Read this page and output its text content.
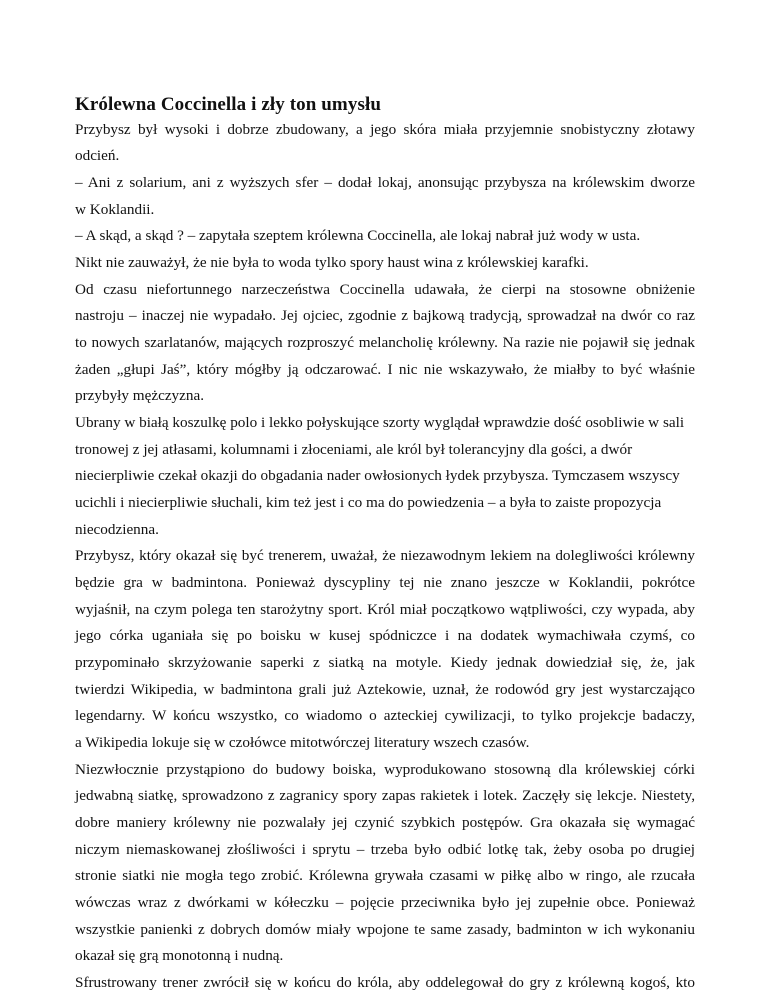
Królewna Coccinella i zły ton umysłu
Przybysz był wysoki i dobrze zbudowany, a jego skóra miała przyjemnie snobistyczny złotawy
odcień.
– Ani z solarium, ani z wyższych sfer – dodał lokaj, anonsując przybysza na królewskim dworze
w Koklandii.
– A skąd, a skąd ? – zapytała szeptem królewna Coccinella, ale lokaj nabrał już wody w usta.
Nikt nie zauważył, że nie była to woda tylko spory haust wina z królewskiej karafki.
Od czasu niefortunnego narzeczeństwa Coccinella udawała, że cierpi na stosowne obniżenie
nastroju – inaczej nie wypadało. Jej ojciec, zgodnie z bajkową tradycją, sprowadzał na dwór co raz
to nowych szarlatanów, mających rozproszyć melancholię królewny. Na razie nie pojawił się jednak
żaden „głupi Jaś”, który mógłby ją odczarować. I nic nie wskazywało, że miałby to być właśnie
przybyły mężczyzna.
Ubrany w białą koszulkę polo i lekko połyskujące szorty wyglądał wprawdzie dość osobliwie w sali
tronowej z jej atłasami, kolumnami i złoceniami, ale król był tolerancyjny dla gości, a dwór
niecierpliwie czekał okazji do obgadania nader owłosionych łydek przybysza. Tymczasem wszyscy
ucichli i niecierpliwie słuchali, kim też jest i co ma do powiedzenia – a była to zaiste propozycja
niecodzienna.
Przybysz, który okazał się być trenerem, uważał, że niezawodnym lekiem na dolegliwości królewny
będzie gra w badmintona. Ponieważ dyscypliny tej nie znano jeszcze w Koklandii, pokrótce
wyjaśnił, na czym polega ten starożytny sport. Król miał początkowo wątpliwości, czy wypada, aby
jego córka uganiała się po boisku w kusej spódniczce i na dodatek wymachiwała czymś, co
przypominało skrzyżowanie saperki z siatką na motyle. Kiedy jednak dowiedział się, że, jak
twierdzi Wikipedia, w badmintona grali już Aztekowie, uznał, że rodowód gry jest wystarczająco
legendarny. W końcu wszystko, co wiadomo o azteckiej cywilizacji, to tylko projekcje badaczy,
a Wikipedia lokuje się w czołówce mitotwórczej literatury wszech czasów.
Niezwłocznie przystąpiono do budowy boiska, wyprodukowano stosowną dla królewskiej córki
jedwabną siatkę, sprowadzono z zagranicy spory zapas rakietek i lotek. Zaczęły się lekcje. Niestety,
dobre maniery królewny nie pozwalały jej czynić szybkich postępów. Gra okazała się wymagać
niczym niemaskowanej złośliwości i sprytu – trzeba było odbić lotkę tak, żeby osoba po drugiej
stronie siatki nie mogła tego zrobić. Królewna grywała czasami w piłkę albo w ringo, ale rzucała
wówczas wraz z dwórkami w kółeczku – pojęcie przeciwnika było jej zupełnie obce. Ponieważ
wszystkie panienki z dobrych domów miały wpojone te same zasady, badminton w ich wykonaniu
okazał się grą monotonną i nudną.
Sfrustrowany trener zwrócił się w końcu do króla, aby oddelegował do gry z królewną kogoś, kto
